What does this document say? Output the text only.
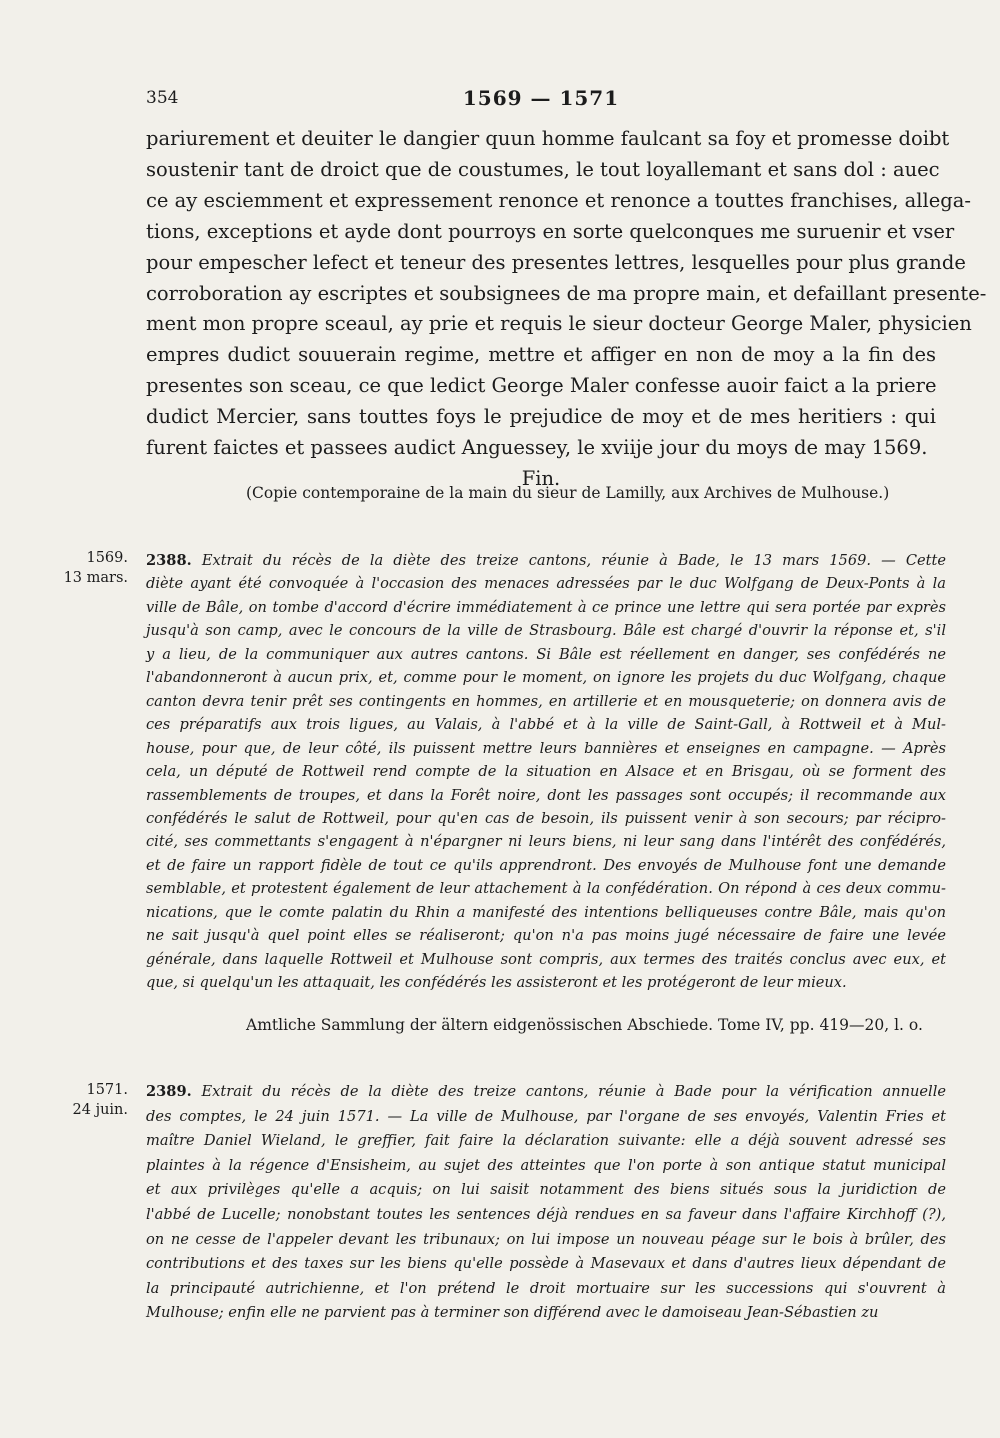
354	1569 — 1571
pariurement et deuiter le dangier quun homme faulcant sa foy et promesse doibt
soustenir tant de droict que de coustumes, le tout loyallemant et sans dol : auec
ce ay esciemment et expressement renonce et renonce a touttes franchises, allega-
tions, exceptions et ayde dont pourroys en sorte quelconques me suruenir et vser
pour empescher lefect et teneur des presentes lettres, lesquelles pour plus grande
corroboration ay escriptes et soubsignees de ma propre main, et defaillant presente-
ment mon propre sceaul, ay prie et requis le sieur docteur George Maler, physicien
empres dudict souuerain regime, mettre et affiger en non de moy a la fin des
presentes son sceau, ce que ledict George Maler confesse auoir faict a la priere
dudict Mercier, sans touttes foys le prejudice de moy et de mes heritiers : qui
furent faictes et passees audict Anguessey, le xviije jour du moys de may 1569.
Fin.
(Copie contemporaine de la main du sieur de Lamilly, aux Archives de Mulhouse.)
1569.
13 mars.
2388. Extrait du récès de la diète des treize cantons, réunie à Bade, le 13 mars 1569. — Cette
diète ayant été convoquée à l'occasion des menaces adressées par le duc Wolfgang de Deux-Ponts à la
ville de Bâle, on tombe d'accord d'écrire immédiatement à ce prince une lettre qui sera portée par exprès
jusqu'à son camp, avec le concours de la ville de Strasbourg. Bâle est chargé d'ouvrir la réponse et, s'il
y a lieu, de la communiquer aux autres cantons. Si Bâle est réellement en danger, ses confédérés ne
l'abandonneront à aucun prix, et, comme pour le moment, on ignore les projets du duc Wolfgang, chaque
canton devra tenir prêt ses contingents en hommes, en artillerie et en mousqueterie; on donnera avis de
ces préparatifs aux trois ligues, au Valais, à l'abbé et à la ville de Saint-Gall, à Rottweil et à Mul-
house, pour que, de leur côté, ils puissent mettre leurs bannières et enseignes en campagne. — Après
cela, un député de Rottweil rend compte de la situation en Alsace et en Brisgau, où se forment des
rassemblements de troupes, et dans la Forêt noire, dont les passages sont occupés; il recommande aux
confédérés le salut de Rottweil, pour qu'en cas de besoin, ils puissent venir à son secours; par récipro-
cité, ses commettants s'engagent à n'épargner ni leurs biens, ni leur sang dans l'intérêt des confédérés,
et de faire un rapport fidèle de tout ce qu'ils apprendront. Des envoyés de Mulhouse font une demande
semblable, et protestent également de leur attachement à la confédération. On répond à ces deux commu-
nications, que le comte palatin du Rhin a manifesté des intentions belliqueuses contre Bâle, mais qu'on
ne sait jusqu'à quel point elles se réaliseront; qu'on n'a pas moins jugé nécessaire de faire une levée
générale, dans laquelle Rottweil et Mulhouse sont compris, aux termes des traités conclus avec eux, et
que, si quelqu'un les attaquait, les confédérés les assisteront et les protégeront de leur mieux.
Amtliche Sammlung der ältern eidgenössischen Abschiede. Tome IV, pp. 419—20, l. o.
1571.
24 juin.
2389. Extrait du récès de la diète des treize cantons, réunie à Bade pour la vérification annuelle
des comptes, le 24 juin 1571. — La ville de Mulhouse, par l'organe de ses envoyés, Valentin Fries et
maître Daniel Wieland, le greffier, fait faire la déclaration suivante: elle a déjà souvent adressé ses
plaintes à la régence d'Ensisheim, au sujet des atteintes que l'on porte à son antique statut municipal
et aux privilèges qu'elle a acquis; on lui saisit notamment des biens situés sous la juridiction de
l'abbé de Lucelle; nonobstant toutes les sentences déjà rendues en sa faveur dans l'affaire Kirchhoff (?),
on ne cesse de l'appeler devant les tribunaux; on lui impose un nouveau péage sur le bois à brûler, des
contributions et des taxes sur les biens qu'elle possède à Masevaux et dans d'autres lieux dépendant de
la principauté autrichienne, et l'on prétend le droit mortuaire sur les successions qui s'ouvrent à
Mulhouse; enfin elle ne parvient pas à terminer son différend avec le damoiseau Jean-Sébastien zu
